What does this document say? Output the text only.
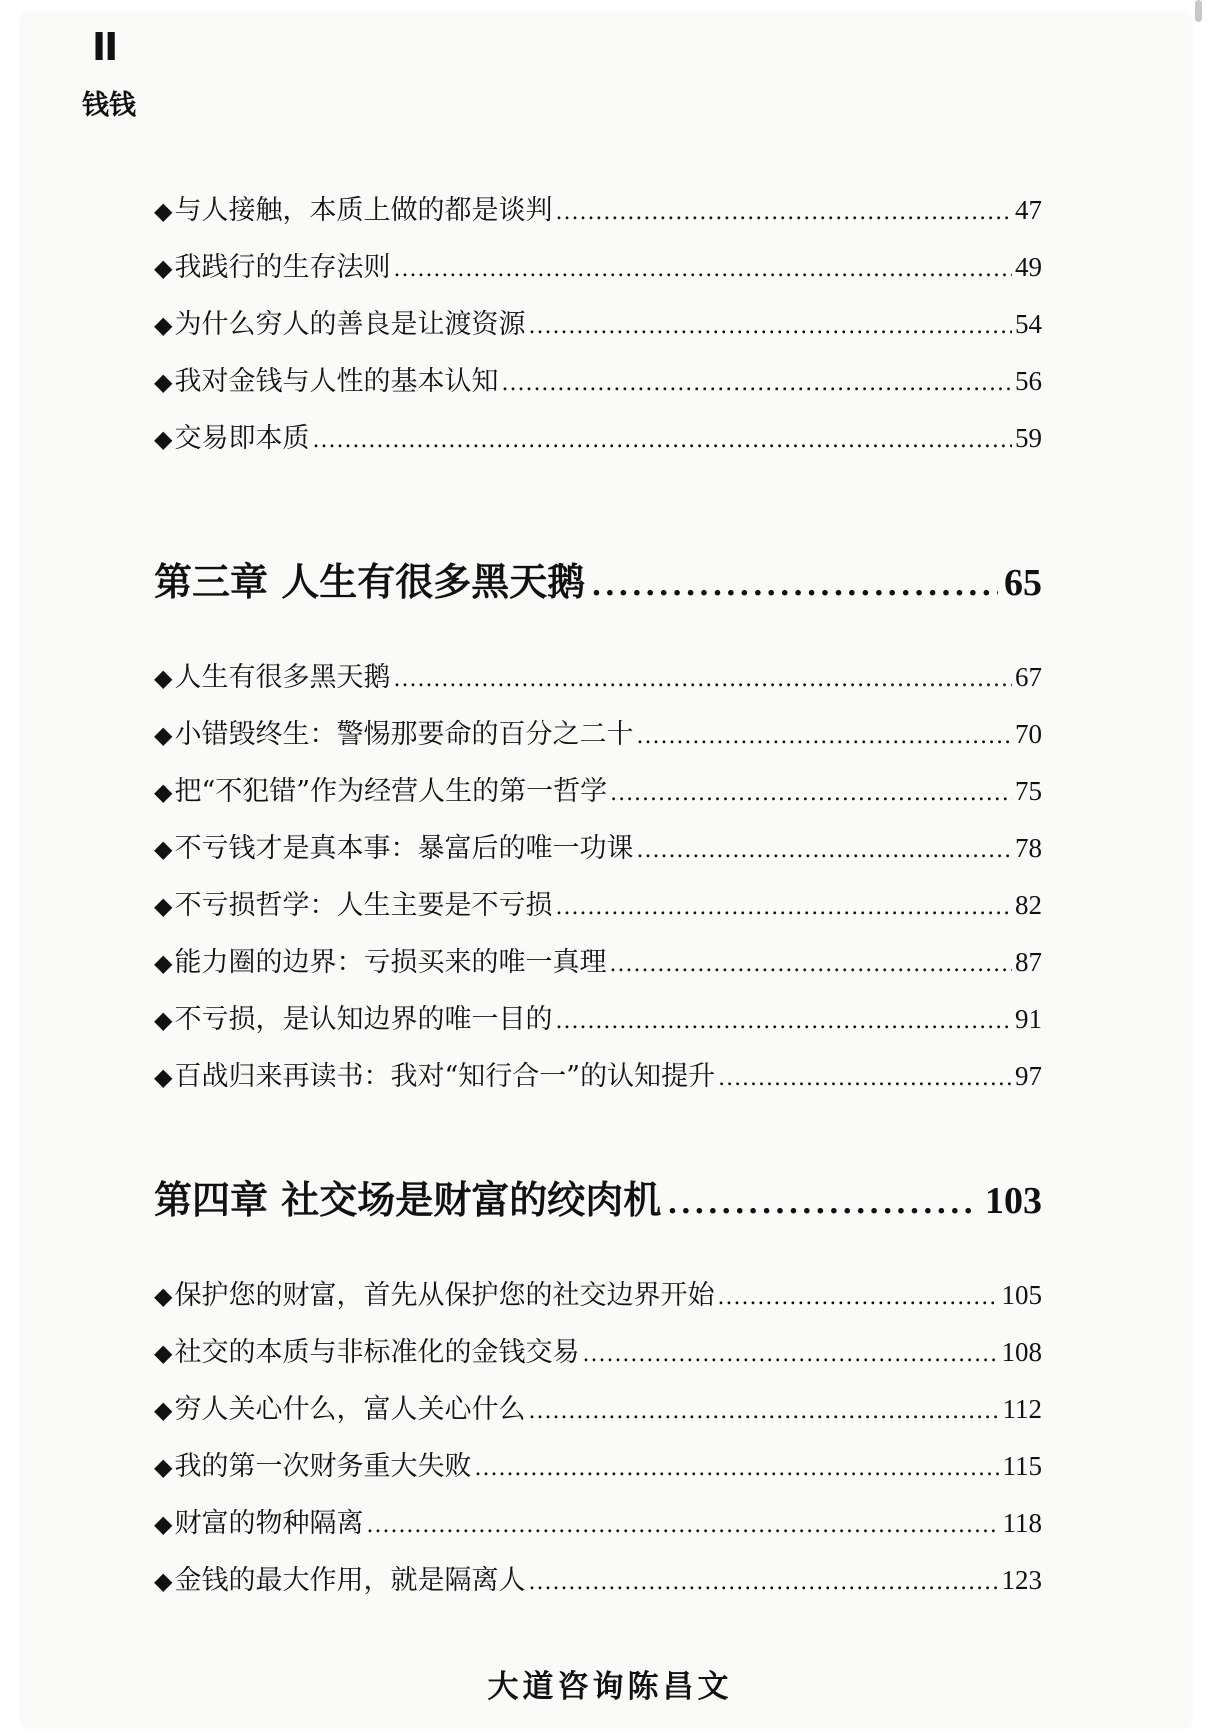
II
钱钱
◆ 与人接触，本质上做的都是谈判 .....	47
◆ 我践行的生存法则 .....	49
◆ 为什么穷人的善良是让渡资源 .....	54
◆ 我对金钱与人性的基本认知 .....	56
◆ 交易即本质 .....	59
第三章 人生有很多黑天鹅 .....	65
◆ 人生有很多黑天鹅 .....	67
◆ 小错毁终生：警惕那要命的百分之二十 .....	70
◆ 把“不犯错”作为经营人生的第一哲学 .....	75
◆ 不亏钱才是真本事：暴富后的唯一功课 .....	78
◆ 不亏损哲学：人生主要是不亏损 .....	82
◆ 能力圈的边界：亏损买来的唯一真理 .....	87
◆ 不亏损，是认知边界的唯一目的 .....	91
◆ 百战归来再读书：我对“知行合一”的认知提升 .....	97
第四章 社交场是财富的绞肉机 .....	103
◆ 保护您的财富，首先从保护您的社交边界开始 .....	105
◆ 社交的本质与非标准化的金钱交易 .....	108
◆ 穷人关心什么，富人关心什么 .....	112
◆ 我的第一次财务重大失败 .....	115
◆ 财富的物种隔离 .....	118
◆ 金钱的最大作用，就是隔离人 .....	123
大道咨询陈昌文
